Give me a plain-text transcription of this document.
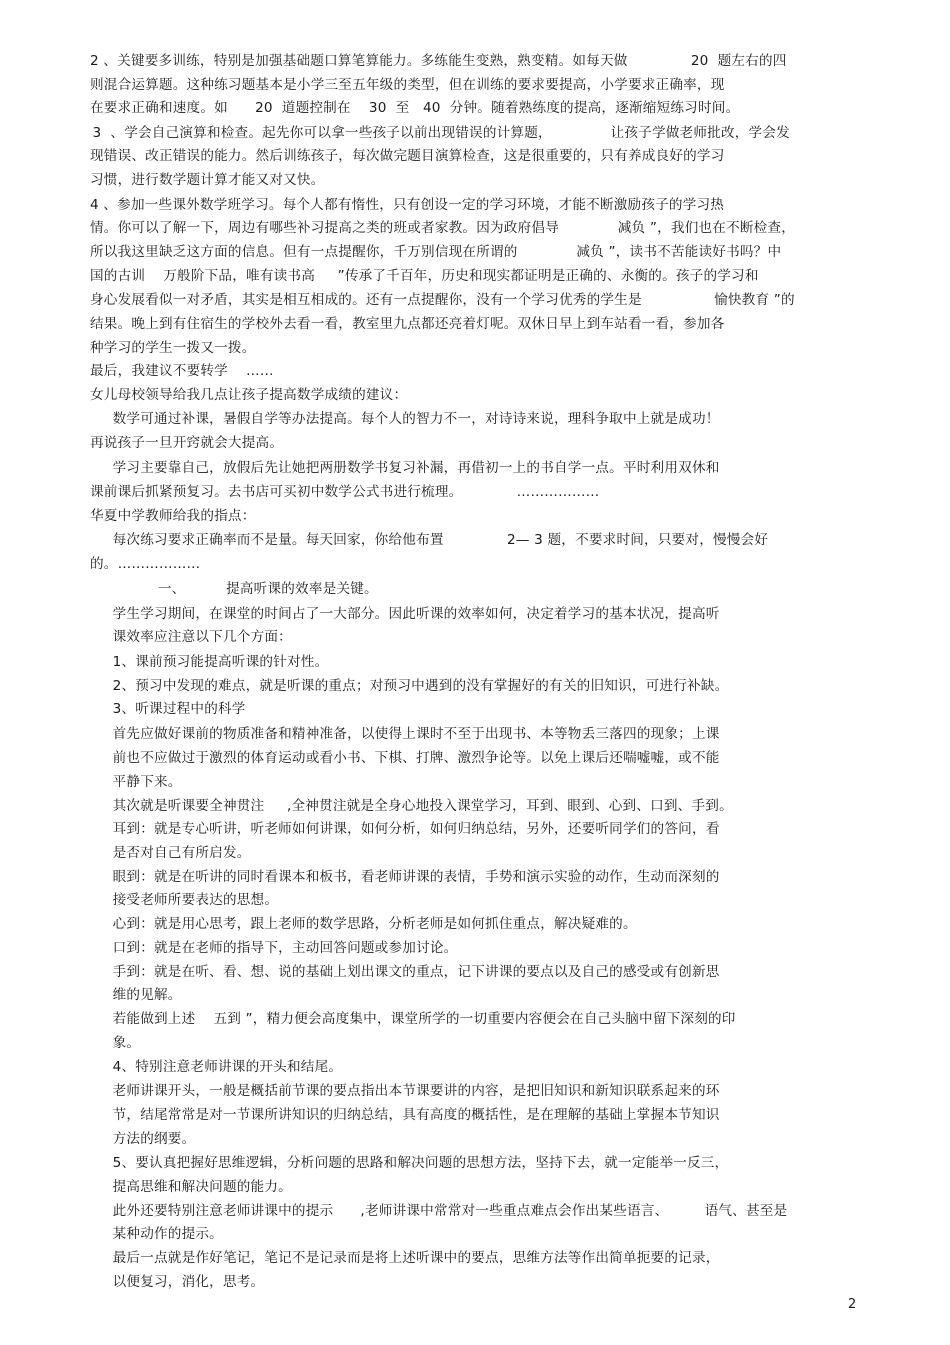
2 、关键要多训练，特别是加强基础题口算笔算能力。多练能生变熟，熟变精。如每天做              20  题左右的四
则混合运算题。这种练习题基本是小学三至五年级的类型，但在训练的要求要提高，小学要求正确率，现
在要求正确和速度。如      20  道题控制在    30  至   40  分钟。随着熟练度的提高，逐渐缩短练习时间。
3  、学会自己演算和检查。起先你可以拿一些孩子以前出现错误的计算题，             让孩子学做老师批改，学会发
现错误、改正错误的能力。然后训练孩子，每次做完题目演算检查，这是很重要的，只有养成良好的学习
习惯，进行数学题计算才能又对又快。
4 、参加一些课外数学班学习。每个人都有惰性，只有创设一定的学习环境，才能不断激励孩子的学习热
情。你可以了解一下，周边有哪些补习提高之类的班或者家教。因为政府倡导             减负 ”，我们也在不断检查，
所以我这里缺乏这方面的信息。但有一点提醒你，千万别信现在所谓的             减负 ”，读书不苦能读好书吗？中
国的古训    万般阶下品，唯有读书高     ”传承了千百年，历史和现实都证明是正确的、永衡的。孩子的学习和
身心发展看似一对矛盾，其实是相互相成的。还有一点提醒你，没有一个学习优秀的学生是                愉快教育 ”的
结果。晚上到有住宿生的学校外去看一看，教室里九点都还亮着灯呢。双休日早上到车站看一看，参加各
种学习的学生一拨又一拨。
最后，我建议不要转学    ……
女儿母校领导给我几点让孩子提高数学成绩的建议：
数学可通过补课，暑假自学等办法提高。每个人的智力不一，对诗诗来说，理科争取中上就是成功！
再说孩子一旦开窍就会大提高。
学习主要靠自己，放假后先让她把两册数学书复习补漏，再借初一上的书自学一点。平时利用双休和
课前课后抓紧预复习。去书店可买初中数学公式书进行梳理。            ………………
华夏中学教师给我的指点：
每次练习要求正确率而不是量。每天回家，你给他布置              2— 3 题，不要求时间，只要对，慢慢会好
的。………………
一、         提高听课的效率是关键。
学生学习期间，在课堂的时间占了一大部分。因此听课的效率如何，决定着学习的基本状况，提高听
课效率应注意以下几个方面：
1、课前预习能提高听课的针对性。
2、预习中发现的难点，就是听课的重点；对预习中遇到的没有掌握好的有关的旧知识，可进行补缺。
3、听课过程中的科学
首先应做好课前的物质准备和精神准备，以使得上课时不至于出现书、本等物丢三落四的现象；上课
前也不应做过于激烈的体育运动或看小书、下棋、打牌、激烈争论等。以免上课后还喘嘘嘘，或不能
平静下来。
其次就是听课要全神贯注     ,全神贯注就是全身心地投入课堂学习，耳到、眼到、心到、口到、手到。
耳到：就是专心听讲，听老师如何讲课，如何分析，如何归纳总结，另外，还要听同学们的答问，看
是否对自己有所启发。
眼到：就是在听讲的同时看课本和板书，看老师讲课的表情，手势和演示实验的动作，生动而深刻的
接受老师所要表达的思想。
心到：就是用心思考，跟上老师的数学思路，分析老师是如何抓住重点，解决疑难的。
口到：就是在老师的指导下，主动回答问题或参加讨论。
手到：就是在听、看、想、说的基础上划出课文的重点，记下讲课的要点以及自己的感受或有创新思
维的见解。
若能做到上述    五到 ”，精力便会高度集中，课堂所学的一切重要内容便会在自己头脑中留下深刻的印
象。
4、特别注意老师讲课的开头和结尾。
老师讲课开头，一般是概括前节课的要点指出本节课要讲的内容，是把旧知识和新知识联系起来的环
节，结尾常常是对一节课所讲知识的归纳总结，具有高度的概括性，是在理解的基础上掌握本节知识
方法的纲要。
5、要认真把握好思维逻辑，分析问题的思路和解决问题的思想方法，坚持下去，就一定能举一反三，
提高思维和解决问题的能力。
此外还要特别注意老师讲课中的提示      ,老师讲课中常常对一些重点难点会作出某些语言、        语气、甚至是
某种动作的提示。
最后一点就是作好笔记，笔记不是记录而是将上述听课中的要点，思维方法等作出简单扼要的记录，
以便复习，消化，思考。
2
